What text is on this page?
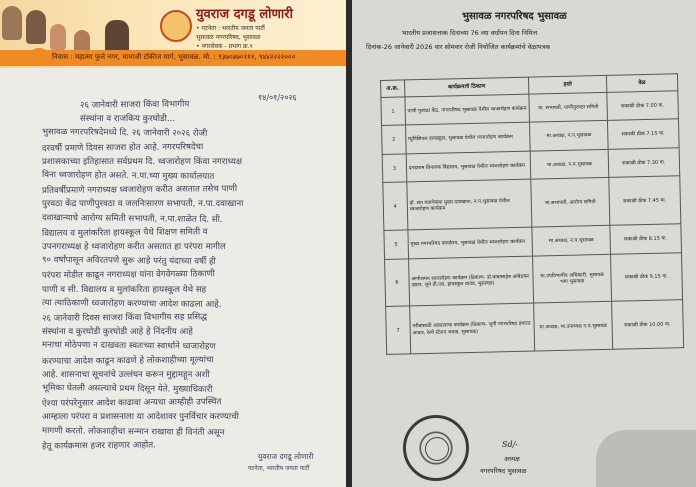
युवराज दगडू लोणारी
• गटनेता : भारतीय जनता पार्टी
भुसावळ नगरपरिषद, भुसावळ
• नगरसेवक - प्रभाग क्र.१
निवास : महात्मा फुले नगर, मामाजी टॉकीज मार्ग, भुसावळ. मो. : ९३७०४७०१११, ९४४२२२२०००
१४/०१/२०२६
२६ जानेवारी साजरा किंवा विभागीय
संस्थांना व राजकिय कुरघोडी...
भुसावळ नगरपरिषदेमध्ये दि. २६ जानेवारी २०२६ रोजी
दरवर्षी प्रमाणे दिवस साजरा होत आहे. नगरपरिषदेचा
प्रशासकाच्या इतिहासात सर्वप्रथम दि. ध्वजारोहण किंवा नगराध्यक्ष
विना ध्वजारोहण होत असते. न.पा.च्या मुख्य कार्यालयात
प्रतिवर्षीप्रमाणे नगराध्यक्ष ध्वजारोहण करीत असतात तसेच पाणी
पुरवठा केंद्र पाणीपुरवठा व जलनिःसारण सभापती, न.पा.दवाखाना
दवाखान्याचे आरोग्य समिती सभापती, न.पा.शाळेत दि. सी.
विद्यालय व मुलांकरिता हायस्कूल येथे शिक्षण समिती व
उपनगराध्यक्ष हे ध्वजारोहण करीत असतात हा परंपरा मागील
९० वर्षांपासून अविरतपणे सुरू आहे परंतु यंदाच्या वर्षी ही
परंपरा मोडीत काढून नगराध्यक्ष यांना वेगवेगळ्या ठिकाणी
पाणी व सी. विद्यालय व मुलांकरिता हायस्कूल येथे सह
त्या त्याठिकाणी ध्वजारोहण करण्याचा आदेश काढला आहे.
२६ जानेवारी दिवस साजरा किंवा विभागीय सह प्रसिद्ध
संस्थांना व कुरघोडी कुरघोडी आहे हे निंदनीय आहे
मनाचा मोठेपणा न दाखवता स्वतःच्या स्वार्थाने ध्वजारोहण
करण्याचा आदेश काढून काढणे हे लोकशाहीच्या मूल्यांचा
आहे. शासनाचा सूचनांचे उल्लंघन करून मुद्दामहून अशी
भूमिका घेतली असल्याचे प्रथम दिसून येते. मुख्याधिकारी
ऐश्या परंपरेनुसार आदेश काढावा अन्यथा आम्हीही उपस्थित
आम्हाला परंपरा व प्रशासनाला या आदेशावर पुनर्विचार करण्याची
मागणी करतो. लोकशाहीचा सन्मान राखावा ही विनंती असून
हेतू कार्यक्रमास हजर राहणार आहोत.
युवराज दगडू लोणारी
गटनेता, भारतीय जनता पार्टी
भुसावळ नगरपरिषद भुसावळ
भारतीय प्रजासत्ताक दिनाच्या 76 व्या वर्धापन दिना निमित्त
दिनांक-26 जानेवारी 2026 वार सोमवार रोजी नियोजित कार्यक्रमांचे वेळापत्रक
अ.क्र.	कार्यक्रमाचे ठिकाण	हस्ते	वेळ
1	पाणी पुरवठा केंद्र, नगरपरिषद भुसावळ येथील ध्वजारोहण कार्यक्रम	मा. सभापती, पाणीपुरवठा समिती	सकाळी ठीक 7.00 वा.
2	म्युनिसिपल हायस्कूल, भुसावळ येथील ध्वजारोहण कार्यक्रम	मा.अध्यक्ष, न.प.भुसावळ	सकाळी ठीक 7.15 वा.
3	दगडाराम विनायक विद्यालय, भुसावळ येथील ध्वजारोहण कार्यक्रम	मा.अध्यक्ष, न.प.भुसावळ	सकाळी ठीक 7.30 वा.
4	डॉ. संत गाडगेबाबा मुख्य दवाखाना, न.प.भुसावळ येथील ध्वजारोहण कार्यक्रम	मा.सभापती, आरोग्य समिती	सकाळी ठीक 7.45 वा.
5	मुख्य नगरपरिषद कार्यालय, भुसावळ येथील ध्वजारोहण कार्यक्रम	मा.अध्यक्ष, न.प.भुसावळ	सकाळी ठीक 8.15 वा.
6	अग्नीशमन ध्वजारोहण कार्यक्रम (ठिकाण- डॉ.बाबासाहेब आंबेडकर उद्यान, जुने डी.एस. हायस्कूल ग्राउंड, भुसावळ)	मा.उपविभागीय अधिकारी, भुसावळ भाग भुसावळ	सकाळी ठीक 9.15 वा.
7	गरीबांसाठी अन्नदानाचा कार्यक्रम (ठिकाण- जुनी नगरपरिषद इमारत आवार, रेल्वे स्टेशन जवळ, भुसावळ)	मा.अध्यक्ष, मा.उपाध्यक्ष न.प.भुसावळ	सकाळी ठीक 10.00 वा.
Sd/-
अध्यक्ष
नगरपरिषद भुसावळ
